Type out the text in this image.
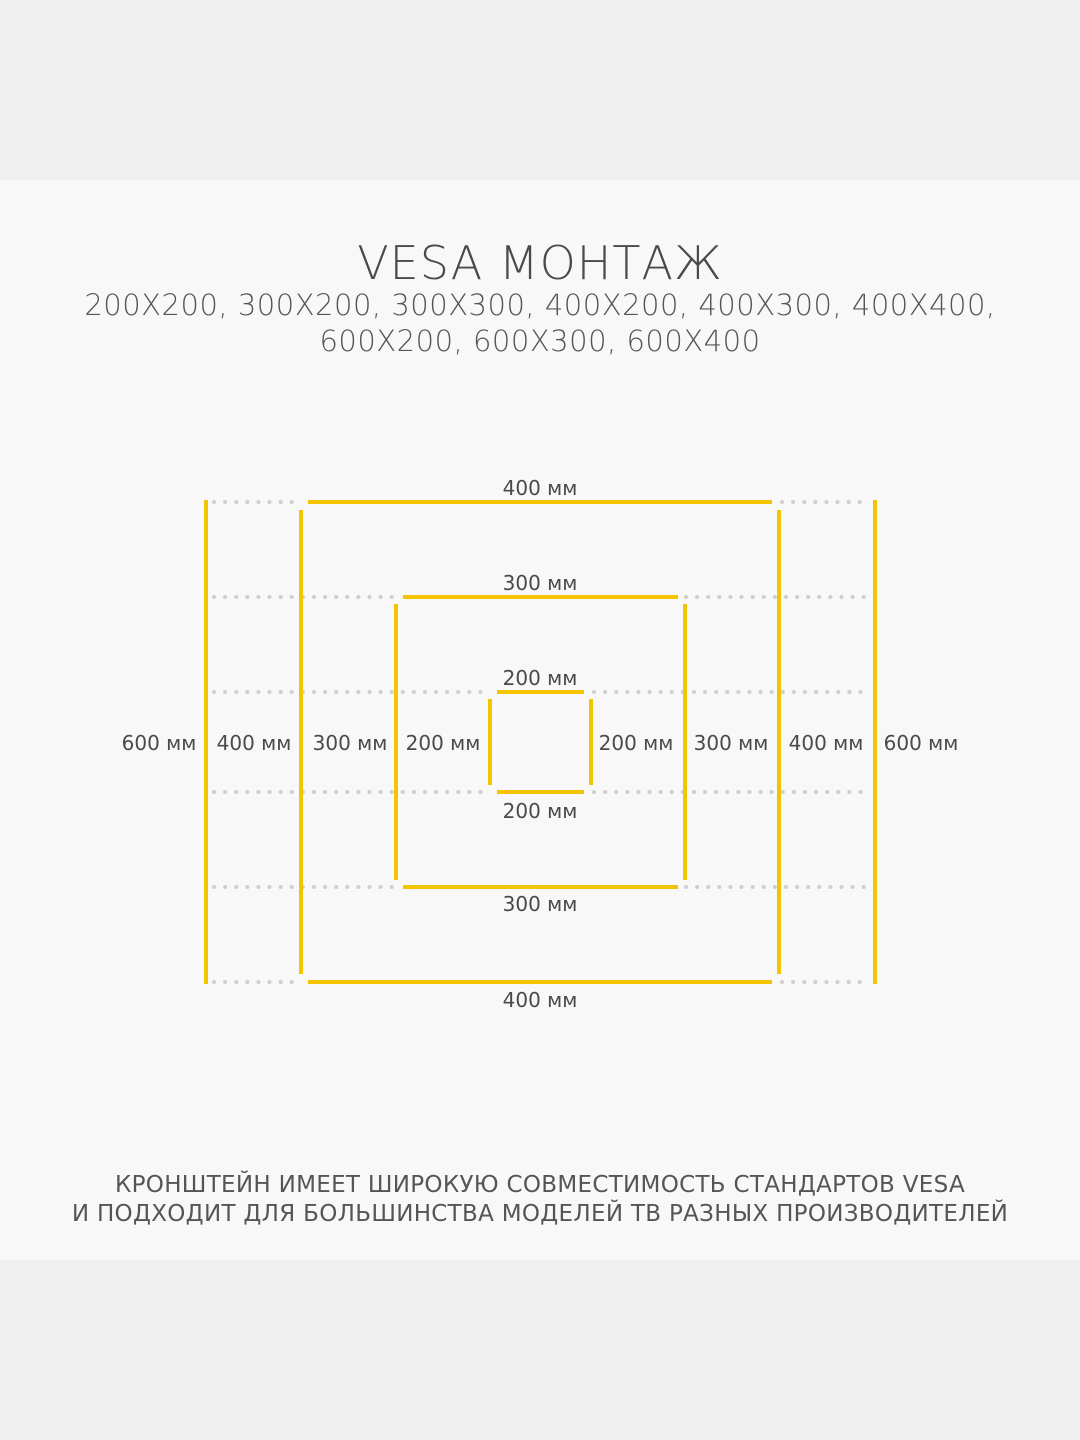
VESA МОНТАЖ

200X200, 300X200, 300X300, 400X200, 400X300, 400X400,

600X200, 600X300, 600X400

400 мм
300 мм
200 мм
200 мм
300 мм
400 мм
600 мм 400 мм 300 мм 200 мм	200 мм 300 мм 400 мм 600 мм

КРОНШТЕЙН ИМЕЕТ ШИРОКУЮ СОВМЕСТИМОСТЬ СТАНДАРТОВ VESA

И ПОДХОДИТ ДЛЯ БОЛЬШИНСТВА МОДЕЛЕЙ ТВ РАЗНЫХ ПРОИЗВОДИТЕЛЕЙ
